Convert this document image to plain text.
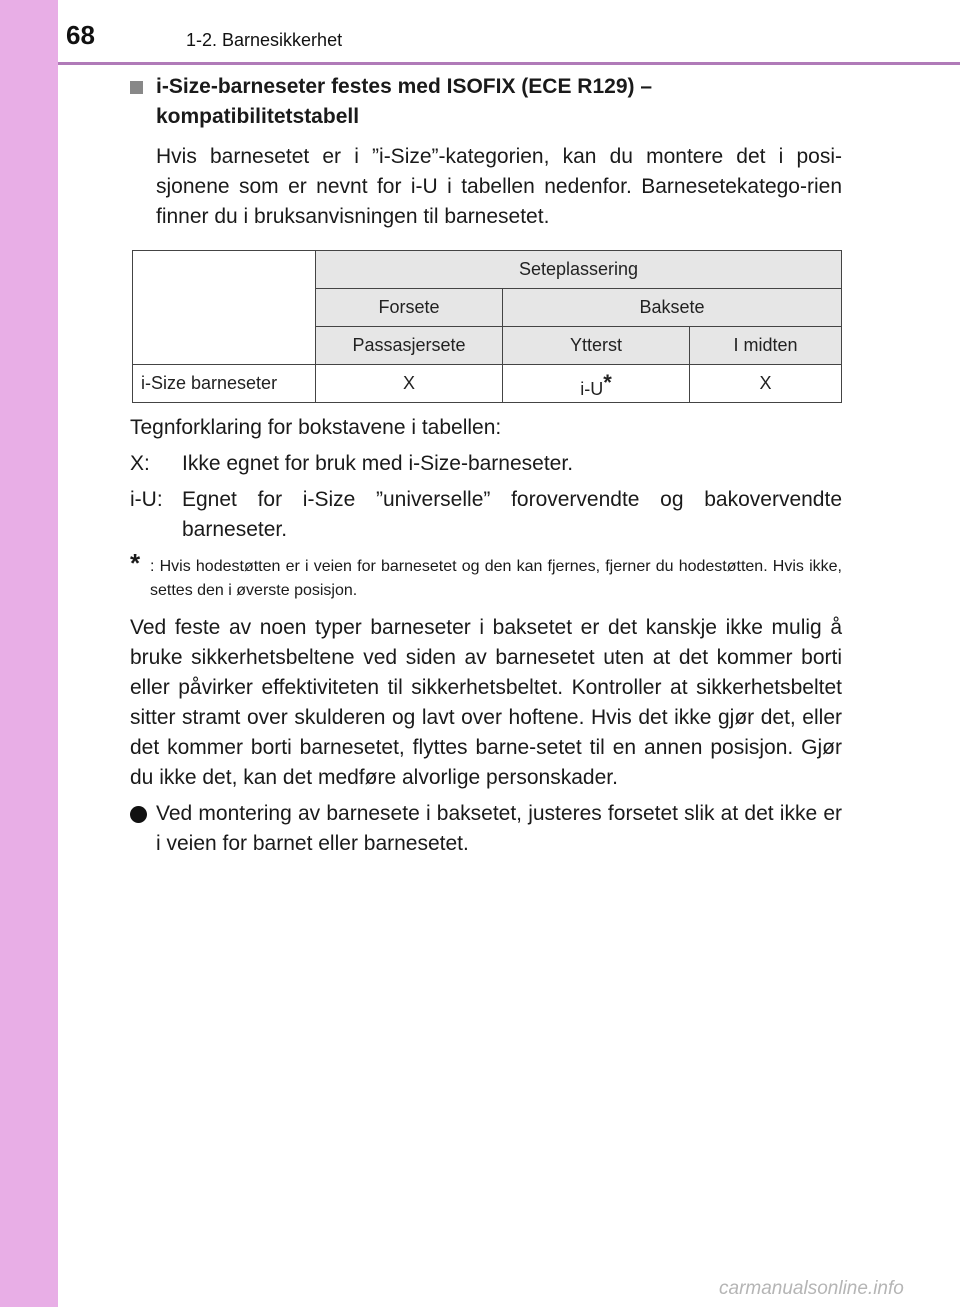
68	1-2. Barnesikkerhet
i-Size-barneseter festes med ISOFIX (ECE R129) –kompatibilitetstabell
Hvis barnesetet er i ”i-Size”-kategorien, kan du montere det i posi-sjonene som er nevnt for i-U i tabellen nedenfor. Barnesetekatego-rien finner du i bruksanvisningen til barnesetet.
	Seteplassering		
	Forsete	Baksete	
	Passasjersete	Ytterst	I midten
i-Size barneseter	X	i-U*	X
Tegnforklaring for bokstavene i tabellen:
X:	Ikke egnet for bruk med i-Size-barneseter.
i-U: Egnet for i-Size ”universelle” forovervendte og bakovervendte barneseter.
* : Hvis hodestøtten er i veien for barnesetet og den kan fjernes, fjerner du hodestøtten. Hvis ikke, settes den i øverste posisjon.
Ved feste av noen typer barneseter i baksetet er det kanskje ikke mulig å bruke sikkerhetsbeltene ved siden av barnesetet uten at det kommer borti eller påvirker effektiviteten til sikkerhetsbeltet. Kontroller at sikkerhetsbeltet sitter stramt over skulderen og lavt over hoftene. Hvis det ikke gjør det, eller det kommer borti barnesetet, flyttes barne-setet til en annen posisjon. Gjør du ikke det, kan det medføre alvorlige personskader.
Ved montering av barnesete i baksetet, justeres forsetet slik at det ikke er i veien for barnet eller barnesetet.
carmanualsonline.info
